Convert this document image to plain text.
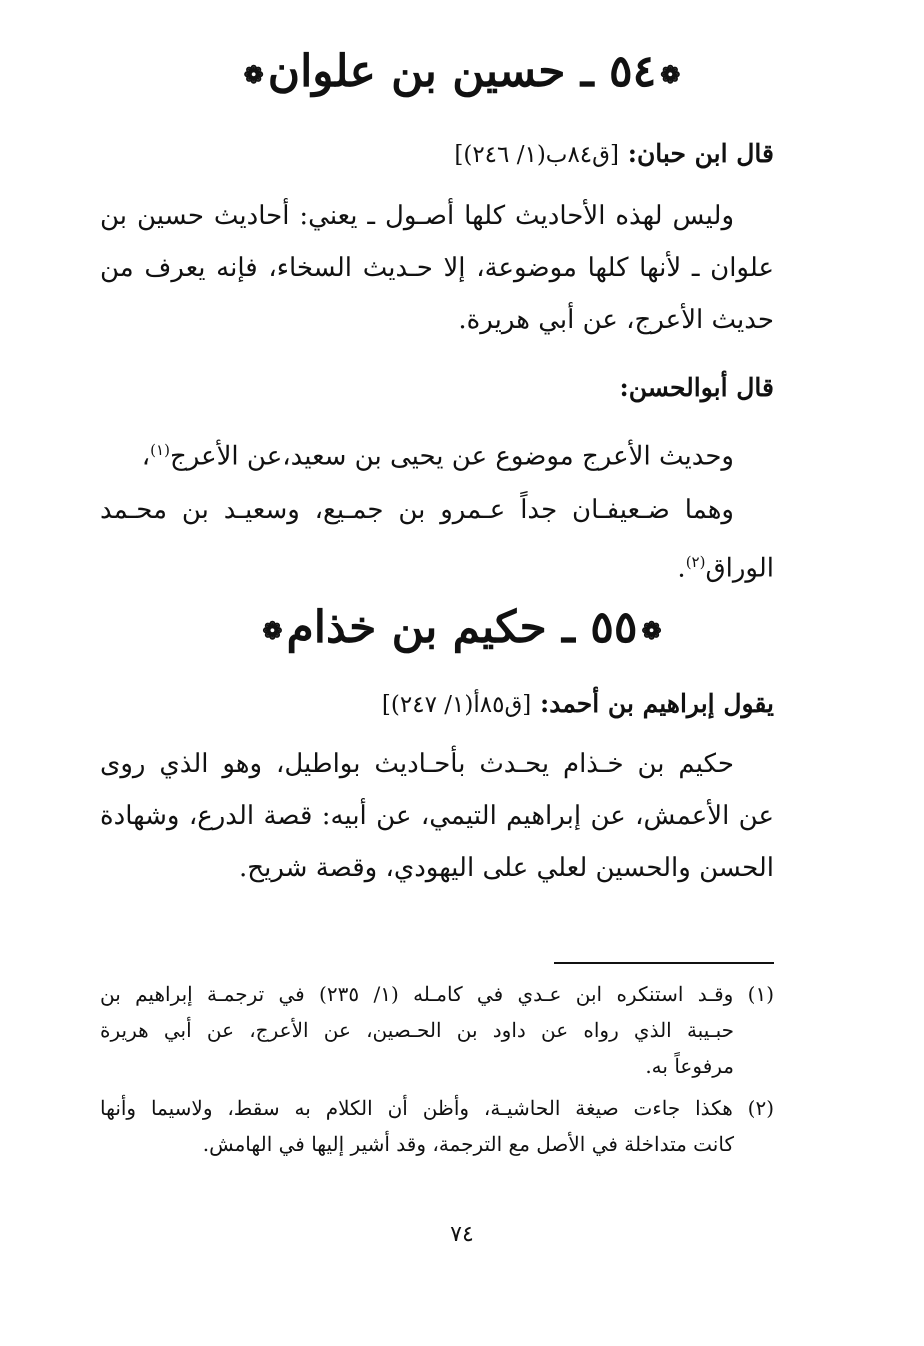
❁٥٤ ـ حسين بن علوان❁
قال ابن حبان: [ق٨٤ب(١/ ٢٤٦)]
وليس لهذه الأحاديث كلها أصـول ـ يعني: أحاديث حسين بن
علوان ـ لأنها كلها موضوعة، إلا حـديث السخاء، فإنه يعرف من
حديث الأعرج، عن أبي هريرة.
قال أبوالحسن:
وحديث الأعرج موضوع عن يحيى بن سعيد،عن الأعرج$^{(١)}$،
وهما ضـعيفـان جداً عـمرو بن جمـيع، وسعيـد بن محـمد
الوراق$^{(٢)}$.
❁٥٥ ـ حكيم بن خذام❁
يقول إبراهيم بن أحمد: [ق٨٥أ(١/ ٢٤٧)]
حكيم بن خـذام يحـدث بأحـاديث بواطيل، وهو الذي روى
عن الأعمش، عن إبراهيم التيمي، عن أبيه: قصة الدرع، وشهادة
الحسن والحسين لعلي على اليهودي، وقصة شريح.
(١) وقـد استنكره ابن عـدي في كامـله (١/ ٢٣٥) في ترجمـة إبراهيم بن
حبـيبة الذي رواه عن داود بن الحـصين، عن الأعرج، عن أبي هريرة
مرفوعاً به.
(٢) هكذا جاءت صيغة الحاشيـة، وأظن أن الكلام به سقط، ولاسيما وأنها
كانت متداخلة في الأصل مع الترجمة، وقد أشير إليها في الهامش.
٧٤
